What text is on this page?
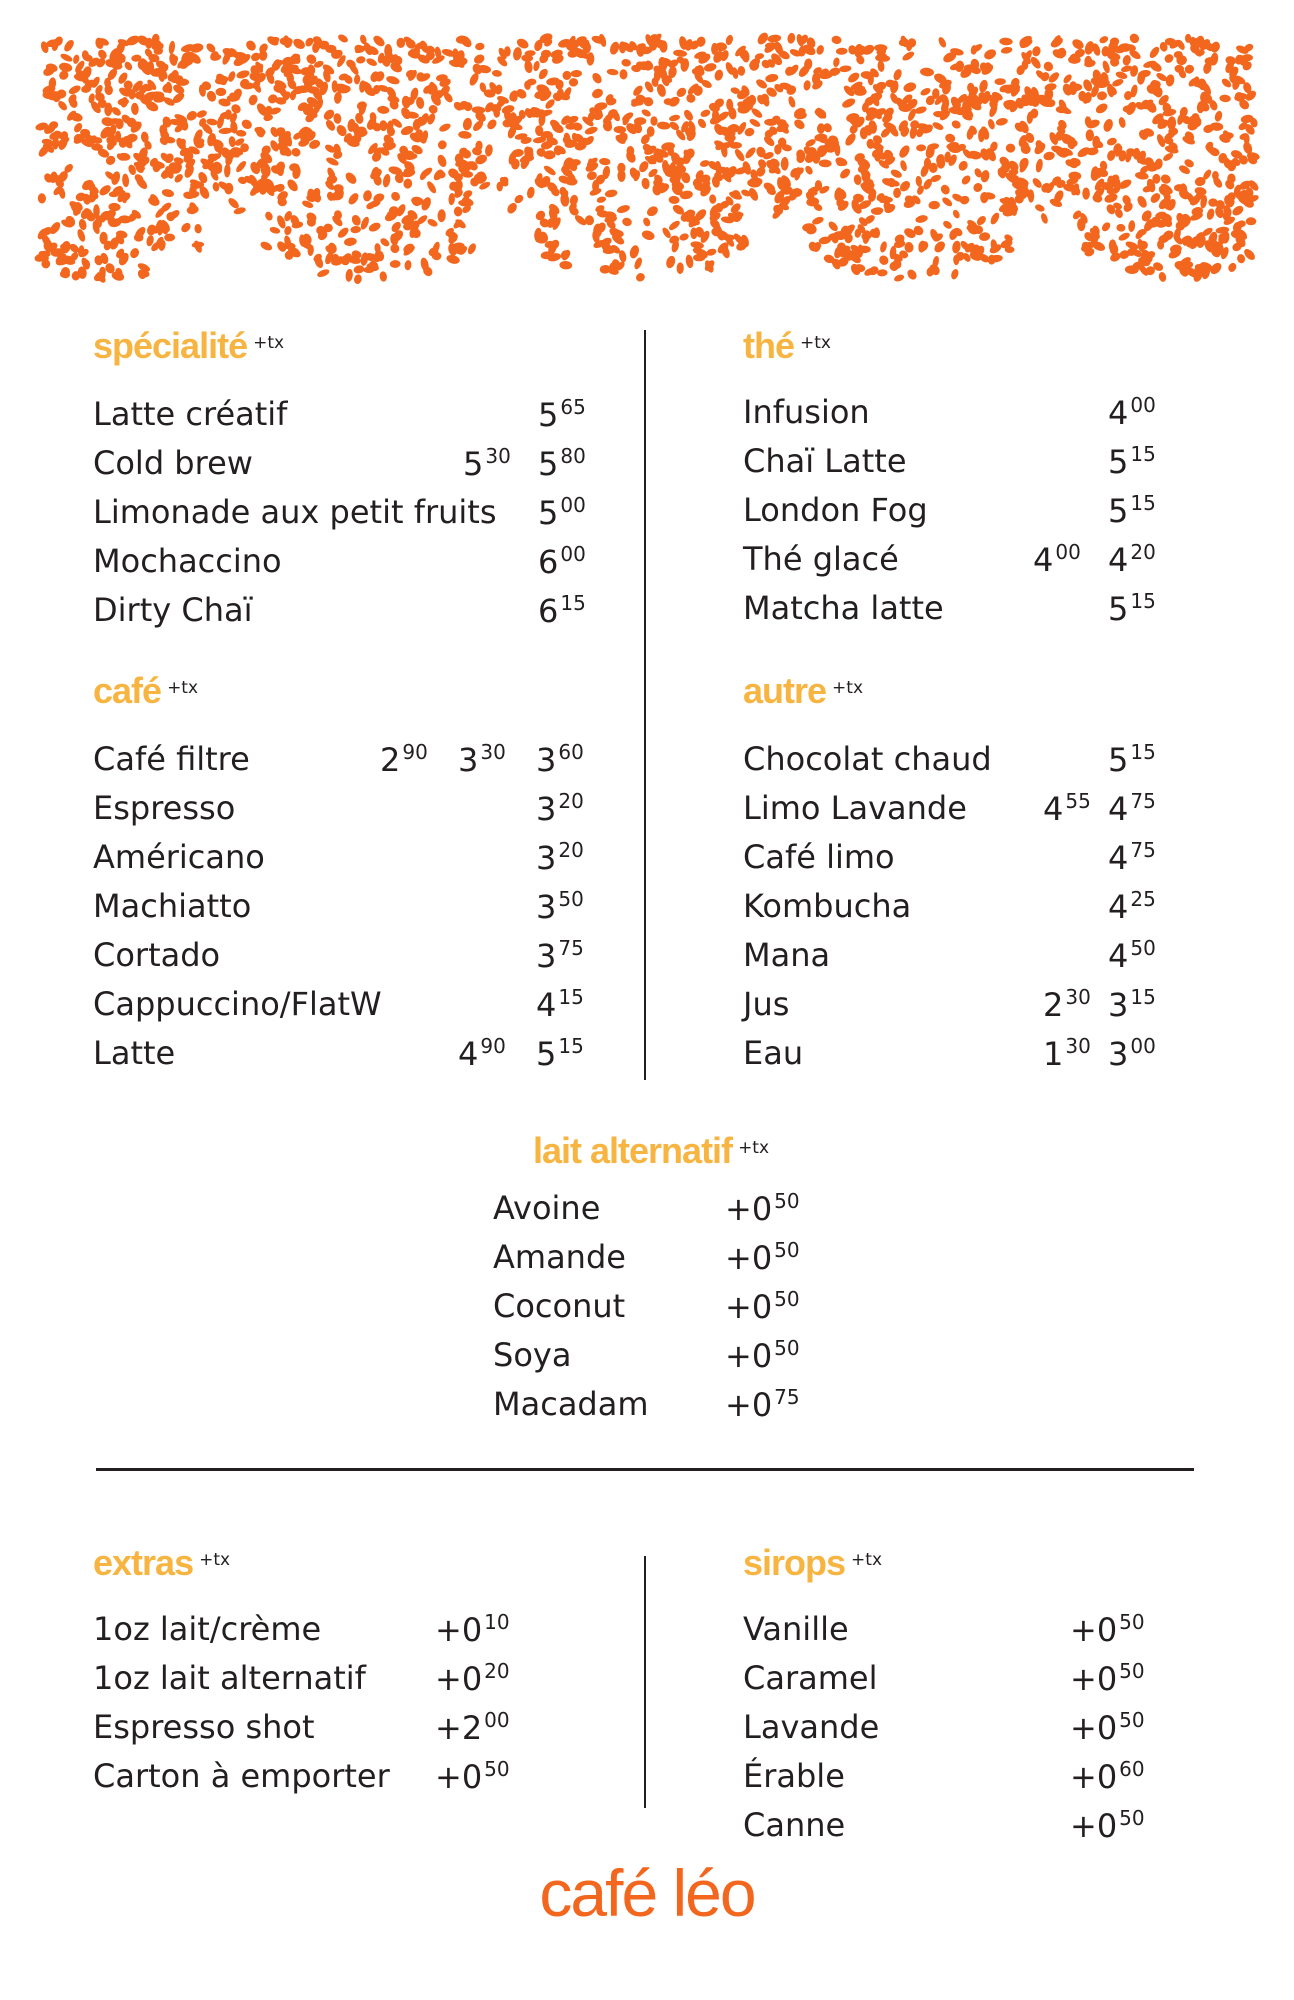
spécialité +tx
Latte créatif	5 $^{65}$
Cold brew	5 $^{30}$ 5 $^{80}$
Limonade aux petit fruits 5 $^{00}$
Mochaccino	6 $^{00}$
Dirty Chaï	6 $^{15}$
thé +tx
Infusion	4 $^{00}$
Chaï Latte	5 $^{15}$
London Fog	5 $^{15}$
Thé glacé	4 $^{00}$ 4 $^{20}$
Matcha latte	5 $^{15}$
café +tx
Café filtre	2 $^{90}$ 3 $^{30}$ 3 $^{60}$
Espresso	3 $^{20}$
Américano	3 $^{20}$
Machiatto	3 $^{50}$
Cortado	3 $^{75}$
Cappuccino/FlatW	4 $^{15}$
Latte	4 $^{90}$ 5 $^{15}$
autre +tx
Chocolat chaud	5 $^{15}$
Limo Lavande 4 $^{55}$ 4 $^{75}$
Café limo	4 $^{75}$
Kombucha	4 $^{25}$
Mana	4 $^{50}$
Jus	2 $^{30}$ 3 $^{15}$
Eau	1 $^{30}$ 3 $^{00}$
lait alternatif +tx
Avoine	+0 $^{50}$
Amande	+0 $^{50}$
Coconut	+0 $^{50}$
Soya	+0 $^{50}$
Macadam +0 $^{75}$
extras +tx
1oz lait/crème	+0 $^{10}$
1oz lait alternatif +0 $^{20}$
Espresso shot	+2 $^{00}$
Carton à emporter +0 $^{50}$
sirops +tx
Vanille	+0 $^{50}$
Caramel	+0 $^{50}$
Lavande	+0 $^{50}$
Érable	+0 $^{60}$
Canne	+0 $^{50}$
café léo
